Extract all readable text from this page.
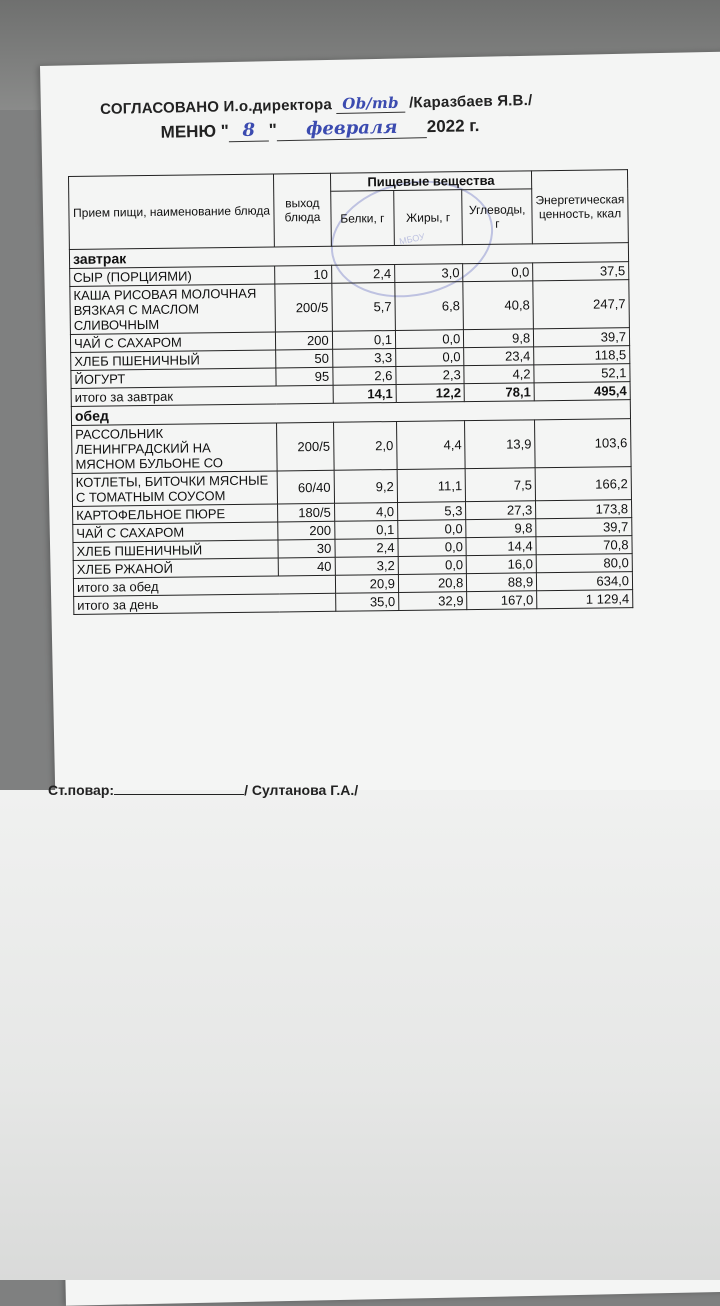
СОГЛАСОВАНО И.о.директора Ob/mb /Каразбаев Я.В./
МЕНЮ " 8 " февраля 2022 г.
МБОУ
Прием пищи, наименование блюда	выход блюда	Пищевые вещества			Энергетическая ценность, ккал
		Белки, г	Жиры, г	Углеводы, г	
завтрак					
СЫР (ПОРЦИЯМИ)	10	2,4	3,0	0,0	37,5
КАША РИСОВАЯ МОЛОЧНАЯ ВЯЗКАЯ С МАСЛОМ СЛИВОЧНЫМ	200/5	5,7	6,8	40,8	247,7
ЧАЙ С САХАРОМ	200	0,1	0,0	9,8	39,7
ХЛЕБ ПШЕНИЧНЫЙ	50	3,3	0,0	23,4	118,5
ЙОГУРТ	95	2,6	2,3	4,2	52,1
итого за завтрак		14,1	12,2	78,1	495,4
обед					
РАССОЛЬНИК ЛЕНИНГРАДСКИЙ НА МЯСНОМ БУЛЬОНЕ СО	200/5	2,0	4,4	13,9	103,6
КОТЛЕТЫ, БИТОЧКИ МЯСНЫЕ С ТОМАТНЫМ СОУСОМ	60/40	9,2	11,1	7,5	166,2
КАРТОФЕЛЬНОЕ ПЮРЕ	180/5	4,0	5,3	27,3	173,8
ЧАЙ С САХАРОМ	200	0,1	0,0	9,8	39,7
ХЛЕБ ПШЕНИЧНЫЙ	30	2,4	0,0	14,4	70,8
ХЛЕБ РЖАНОЙ	40	3,2	0,0	16,0	80,0
итого за обед		20,9	20,8	88,9	634,0
итого за день		35,0	32,9	167,0	1 129,4
Ст.повар:	/ Султанова Г.А./
